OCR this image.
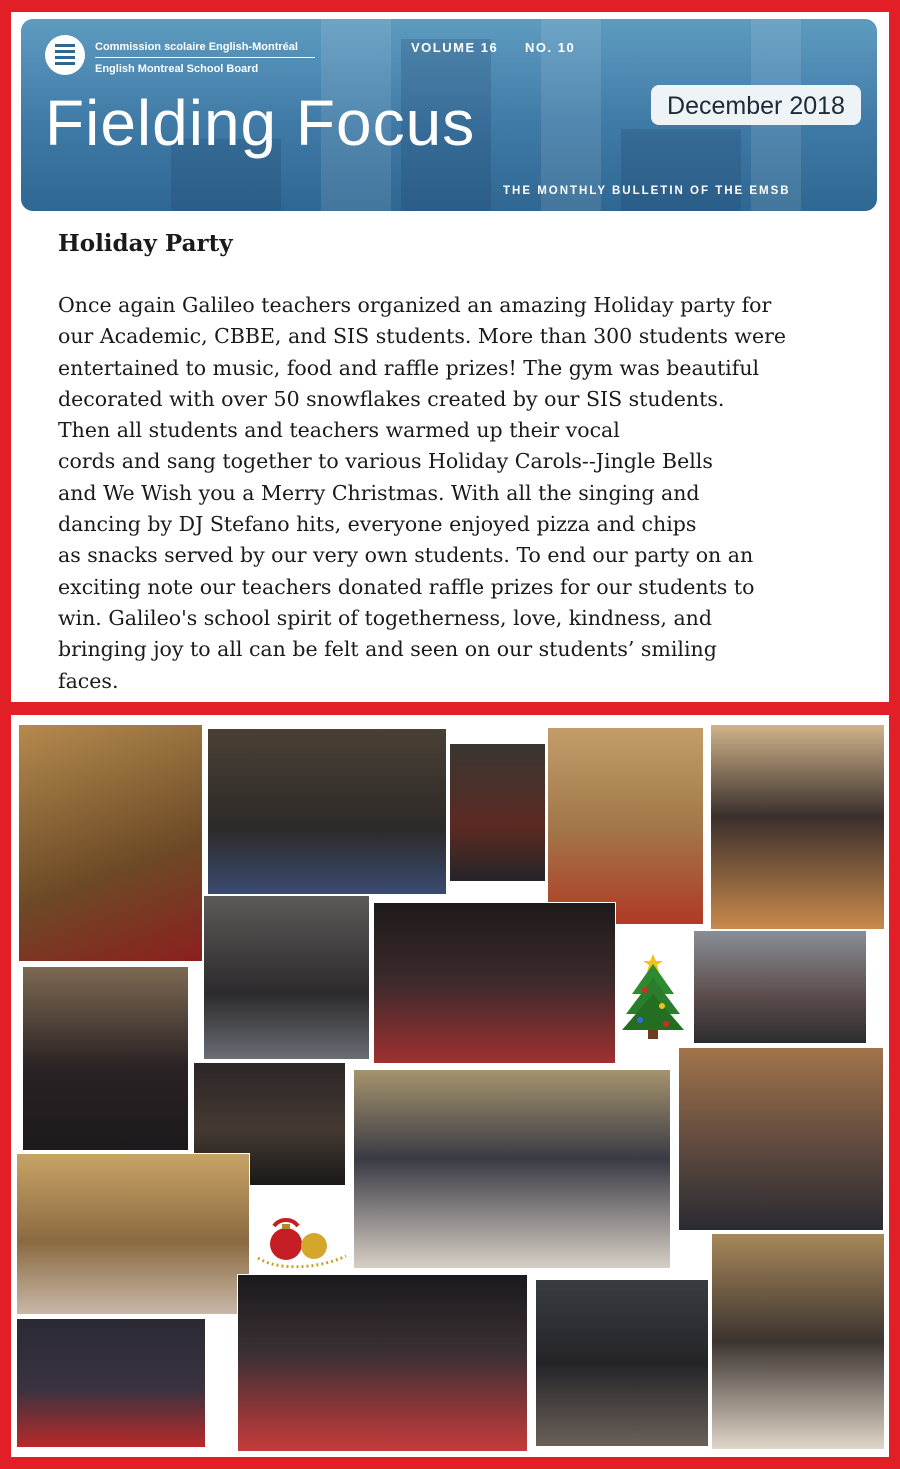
Commission scolaire English-Montréal
English Montreal School Board
VOLUME 16 NO. 10
Fielding Focus	December 2018
THE MONTHLY BULLETIN OF THE EMSB
Holiday Party
Once again Galileo teachers organized an amazing Holiday party for
our Academic, CBBE, and SIS students. More than 300 students were
entertained to music, food and raffle prizes! The gym was beautiful
decorated with over 50 snowflakes created by our SIS students.
Then all students and teachers warmed up their vocal
cords and sang together to various Holiday Carols--Jingle Bells
and We Wish you a Merry Christmas. With all the singing and
dancing by DJ Stefano hits, everyone enjoyed pizza and chips
as snacks served by our very own students. To end our party on an
exciting note our teachers donated raffle prizes for our students to
win. Galileo's school spirit of togetherness, love, kindness, and
bringing joy to all can be felt and seen on our students’ smiling
faces.
